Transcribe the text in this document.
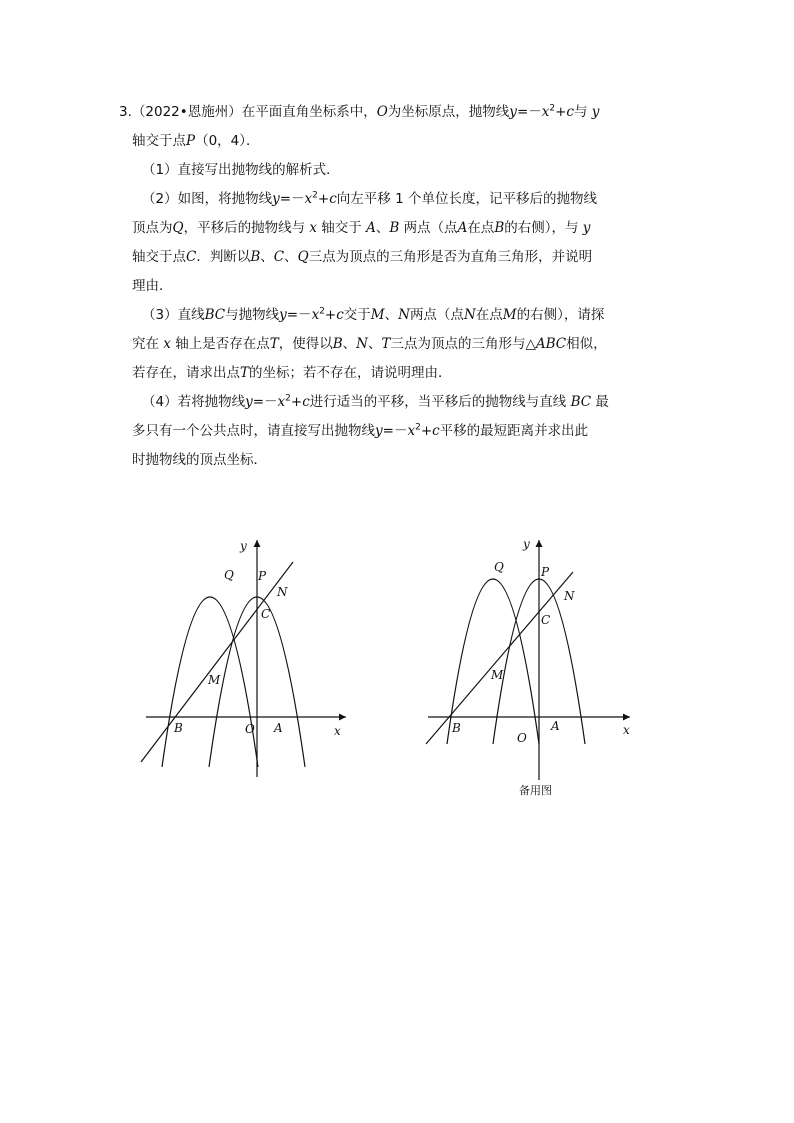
3.（2022•恩施州）在平面直角坐标系中，O为坐标原点，抛物线$y=-x^2+c$与 y
轴交于点P（0，4）．
（1）直接写出抛物线的解析式．
（2）如图，将抛物线$y=-x^2+c$向左平移 1 个单位长度，记平移后的抛物线
顶点为Q，平移后的抛物线与 x 轴交于 A、B 两点（点A在点B的右侧），与 y
轴交于点C．判断以B、C、Q三点为顶点的三角形是否为直角三角形，并说明
理由．
（3）直线BC与抛物线$y=-x^2+c$交于M、N两点（点N在点M的右侧），请探
究在 x 轴上是否存在点T，使得以B、N、T三点为顶点的三角形与△ABC相似，
若存在，请求出点T的坐标；若不存在，请说明理由．
（4）若将抛物线$y=-x^2+c$进行适当的平移，当平移后的抛物线与直线 BC 最
多只有一个公共点时，请直接写出抛物线$y=-x^2+c$平移的最短距离并求出此
时抛物线的顶点坐标．
y
x
O
P
Q
N
C
M
B	A
y
x
O
P
Q
N
C
M
B	A
备用图
